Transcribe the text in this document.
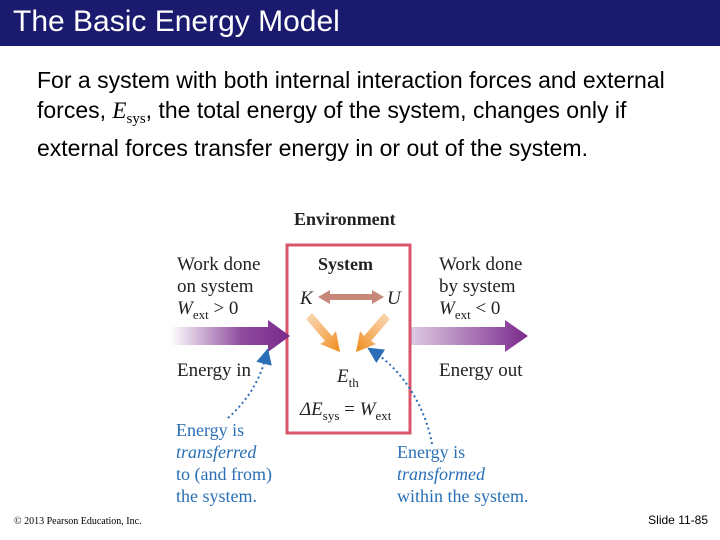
The Basic Energy Model

For a system with both internal interaction forces and external forces, $E_{sys}$, the total energy of the system, changes only if external forces transfer energy in or out of the system.

Environment
System
K	U
$E_{th}$
$\Delta E_{sys} = W_{ext}$
Work done
on system
$W_{ext} > 0$
Energy in
Work done
by system
$W_{ext} < 0$
Energy out
Energy is
transferred
to (and from)
the system.
Energy is
transformed
within the system.
© 2013 Pearson Education, Inc.	Slide 11-85
